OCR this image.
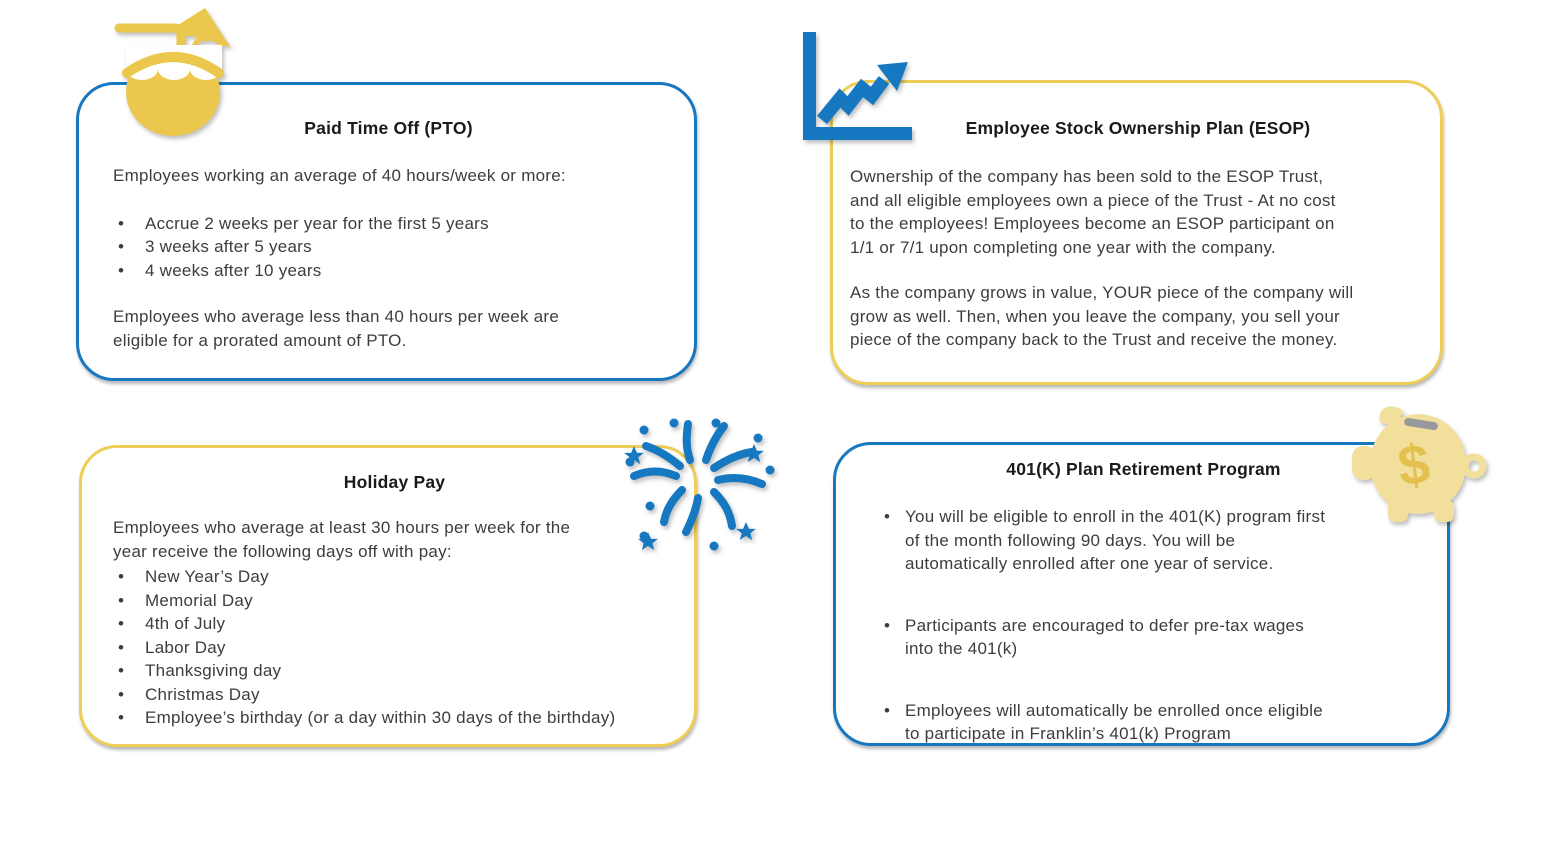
Paid Time Off (PTO)

Employees working an average of 40 hours/week or more:

• Accrue 2 weeks per year for the first 5 years
• 3 weeks after 5 years
• 4 weeks after 10 years

Employees who average less than 40 hours per week are

eligible for a prorated amount of PTO.

Employee Stock Ownership Plan (ESOP)

Ownership of the company has been sold to the ESOP Trust,

and all eligible employees own a piece of the Trust - At no cost

to the employees! Employees become an ESOP participant on

1/1 or 7/1 upon completing one year with the company.

As the company grows in value, YOUR piece of the company will

grow as well. Then, when you leave the company, you sell your

piece of the company back to the Trust and receive the money.

Holiday Pay

Employees who average at least 30 hours per week for the

year receive the following days off with pay:

• New Year’s Day
• Memorial Day
• 4th of July
• Labor Day
• Thanksgiving day
• Christmas Day
• Employee’s birthday (or a day within 30 days of the birthday)
401(K) Plan Retirement Program
• You will be eligible to enroll in the 401(K) program first
of the month following 90 days. You will be
automatically enrolled after one year of service.
• Participants are encouraged to defer pre-tax wages
into the 401(k)
• Employees will automatically be enrolled once eligible
to participate in Franklin’s 401(k) Program
$
